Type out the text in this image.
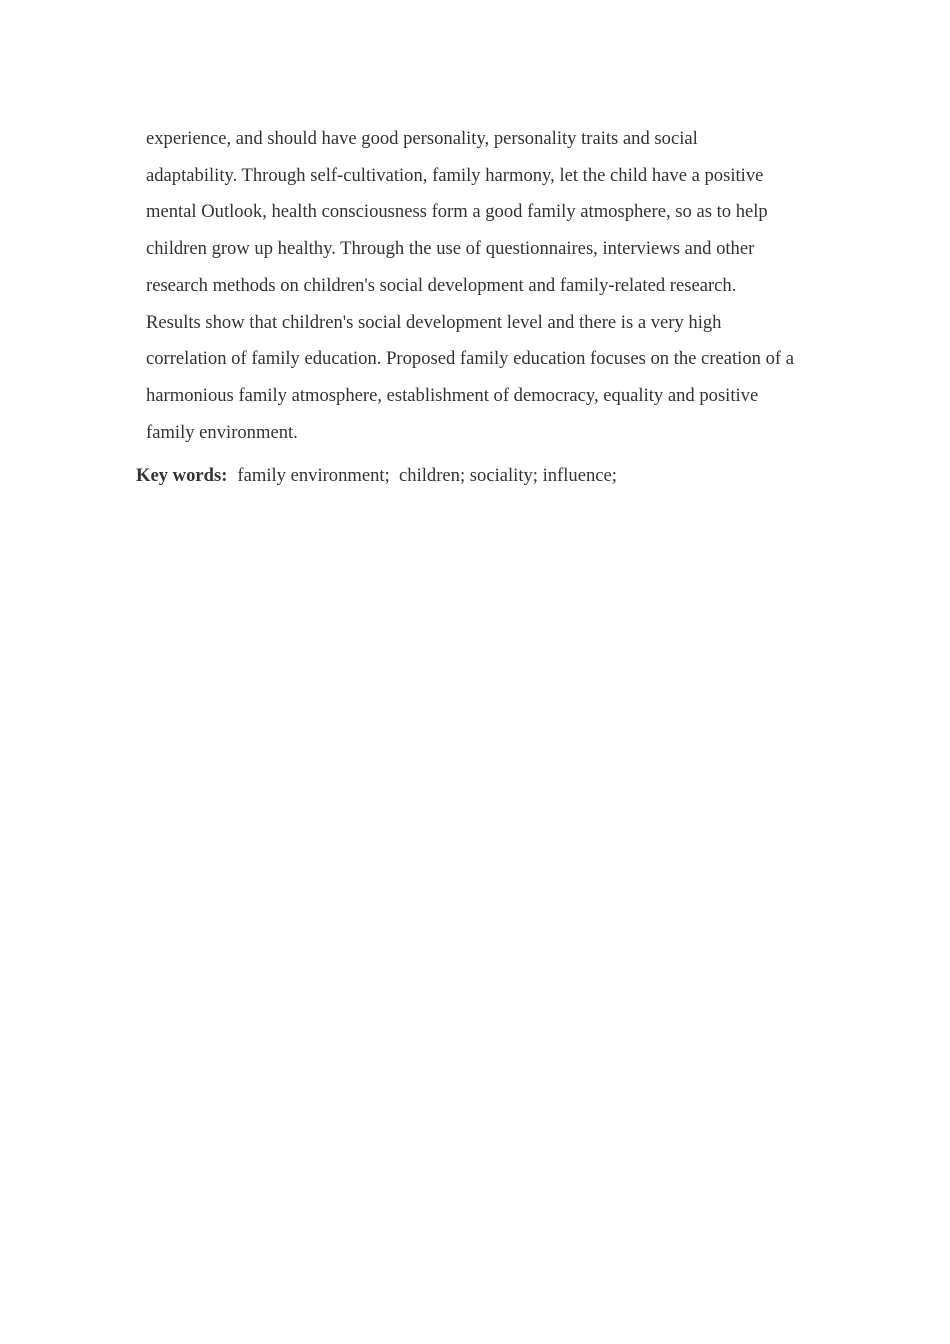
experience, and should have good personality, personality traits and social
adaptability. Through self-cultivation, family harmony, let the child have a positive
mental Outlook, health consciousness form a good family atmosphere, so as to help
children grow up healthy. Through the use of questionnaires, interviews and other
research methods on children's social development and family-related research.
Results show that children's social development level and there is a very high
correlation of family education. Proposed family education focuses on the creation of a
harmonious family atmosphere, establishment of democracy, equality and positive
family environment.
Key words: family environment;  children; sociality; influence;
